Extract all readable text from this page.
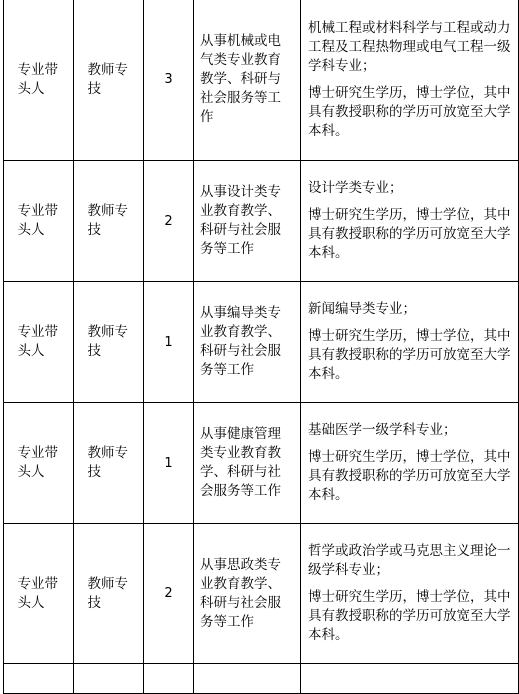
专业带头人	教师专技	3	从事机械或电气类专业教育教学、科研与社会服务等工作	机械工程或材料科学与工程或动力工程及工程热物理或电气工程一级学科专业；

博士研究生学历，博士学位，其中具有教授职称的学历可放宽至大学本科。

专业带头人	教师专技	2	从事设计类专业教育教学、科研与社会服务等工作	设计学类专业；

博士研究生学历，博士学位，其中具有教授职称的学历可放宽至大学本科。

专业带头人	教师专技	1	从事编导类专业教育教学、科研与社会服务等工作	新闻编导类专业；

博士研究生学历，博士学位，其中具有教授职称的学历可放宽至大学本科。

专业带头人	教师专技	1	从事健康管理类专业教育教学、科研与社会服务等工作	基础医学一级学科专业；

博士研究生学历，博士学位，其中具有教授职称的学历可放宽至大学本科。

专业带头人	教师专技	2	从事思政类专业教育教学、科研与社会服务等工作	哲学或政治学或马克思主义理论一级学科专业；

博士研究生学历，博士学位，其中具有教授职称的学历可放宽至大学本科。
